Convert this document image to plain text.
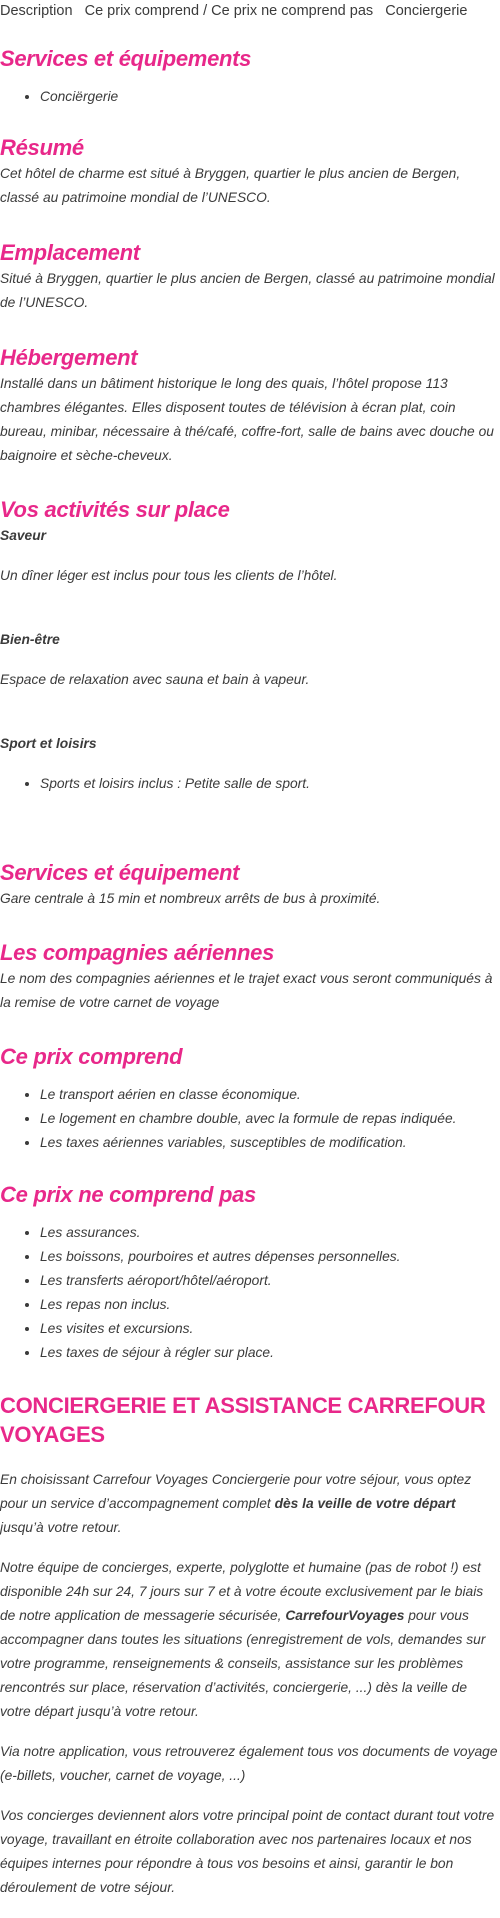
Description   Ce prix comprend / Ce prix ne comprend pas   Conciergerie
Services et équipements
• Conciërgerie
Résumé

Cet hôtel de charme est situé à Bryggen, quartier le plus ancien de Bergen, classé au patrimoine mondial de l’UNESCO.

Emplacement

Situé à Bryggen, quartier le plus ancien de Bergen, classé au patrimoine mondial de l’UNESCO.

Hébergement

Installé dans un bâtiment historique le long des quais, l’hôtel propose 113 chambres élégantes. Elles disposent toutes de télévision à écran plat, coin bureau, minibar, nécessaire à thé/café, coffre-fort, salle de bains avec douche ou baignoire et sèche-cheveux.

Vos activités sur place
Saveur

Un dîner léger est inclus pour tous les clients de l’hôtel.

Bien-être

Espace de relaxation avec sauna et bain à vapeur.

Sport et loisirs
• Sports et loisirs inclus : Petite salle de sport.
Services et équipement

Gare centrale à 15 min et nombreux arrêts de bus à proximité.

Les compagnies aériennes

Le nom des compagnies aériennes et le trajet exact vous seront communiqués à la remise de votre carnet de voyage

Ce prix comprend
• Le transport aérien en classe économique.
• Le logement en chambre double, avec la formule de repas indiquée.
• Les taxes aériennes variables, susceptibles de modification.
Ce prix ne comprend pas
• Les assurances.
• Les boissons, pourboires et autres dépenses personnelles.
• Les transferts aéroport/hôtel/aéroport.
• Les repas non inclus.
• Les visites et excursions.
• Les taxes de séjour à régler sur place.
CONCIERGERIE ET ASSISTANCE CARREFOUR VOYAGES

En choisissant Carrefour Voyages Conciergerie pour votre séjour, vous optez pour un service d’accompagnement complet dès la veille de votre départ jusqu’à votre retour.

Notre équipe de concierges, experte, polyglotte et humaine (pas de robot !) est disponible 24h sur 24, 7 jours sur 7 et à votre écoute exclusivement par le biais de notre application de messagerie sécurisée, CarrefourVoyages pour vous accompagner dans toutes les situations (enregistrement de vols, demandes sur votre programme, renseignements & conseils, assistance sur les problèmes rencontrés sur place, réservation d’activités, conciergerie, ...) dès la veille de votre départ jusqu’à votre retour.

Via notre application, vous retrouverez également tous vos documents de voyage (e-billets, voucher, carnet de voyage, ...)

Vos concierges deviennent alors votre principal point de contact durant tout votre voyage, travaillant en étroite collaboration avec nos partenaires locaux et nos équipes internes pour répondre à tous vos besoins et ainsi, garantir le bon déroulement de votre séjour.
